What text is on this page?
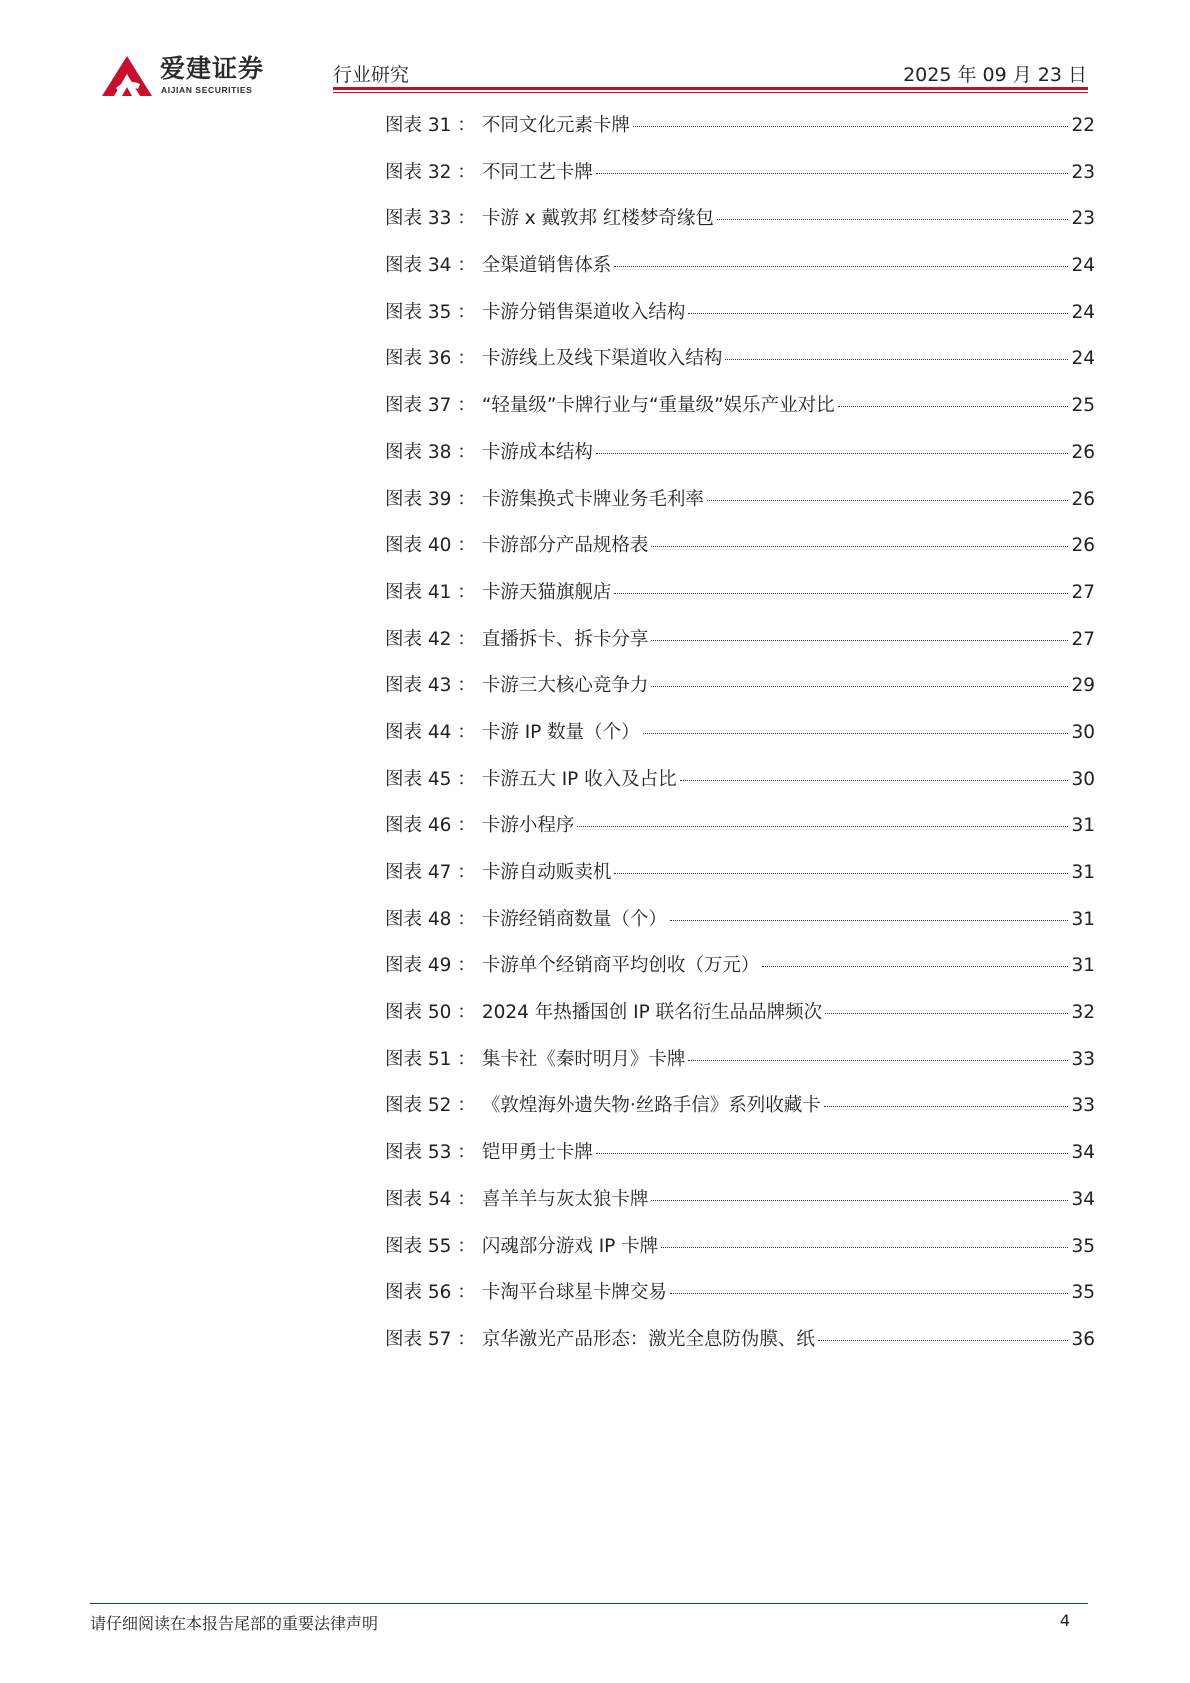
爱建证券
AIJIAN SECURITIES
行业研究	2025 年 09 月 23 日
图表 31 ： 不同文化元素卡牌	22
图表 32 ： 不同工艺卡牌	23
图表 33 ： 卡游 x 戴敦邦 红楼梦奇缘包	23
图表 34 ： 全渠道销售体系	24
图表 35 ： 卡游分销售渠道收入结构	24
图表 36 ： 卡游线上及线下渠道收入结构	24
图表 37 ： “轻量级”卡牌行业与“重量级”娱乐产业对比	25
图表 38 ： 卡游成本结构	26
图表 39 ： 卡游集换式卡牌业务毛利率	26
图表 40 ： 卡游部分产品规格表	26
图表 41 ： 卡游天猫旗舰店	27
图表 42 ： 直播拆卡、拆卡分享	27
图表 43 ： 卡游三大核心竞争力	29
图表 44 ： 卡游 IP 数量（个）	30
图表 45 ： 卡游五大 IP 收入及占比	30
图表 46 ： 卡游小程序	31
图表 47 ： 卡游自动贩卖机	31
图表 48 ： 卡游经销商数量（个）	31
图表 49 ： 卡游单个经销商平均创收（万元）	31
图表 50 ： 2024 年热播国创 IP 联名衍生品品牌频次	32
图表 51 ： 集卡社《秦时明月》卡牌	33
图表 52 ： 《敦煌海外遗失物·丝路手信》系列收藏卡	33
图表 53 ： 铠甲勇士卡牌	34
图表 54 ： 喜羊羊与灰太狼卡牌	34
图表 55 ： 闪魂部分游戏 IP 卡牌	35
图表 56 ： 卡淘平台球星卡牌交易	35
图表 57 ： 京华激光产品形态：激光全息防伪膜、纸	36
请仔细阅读在本报告尾部的重要法律声明	4
